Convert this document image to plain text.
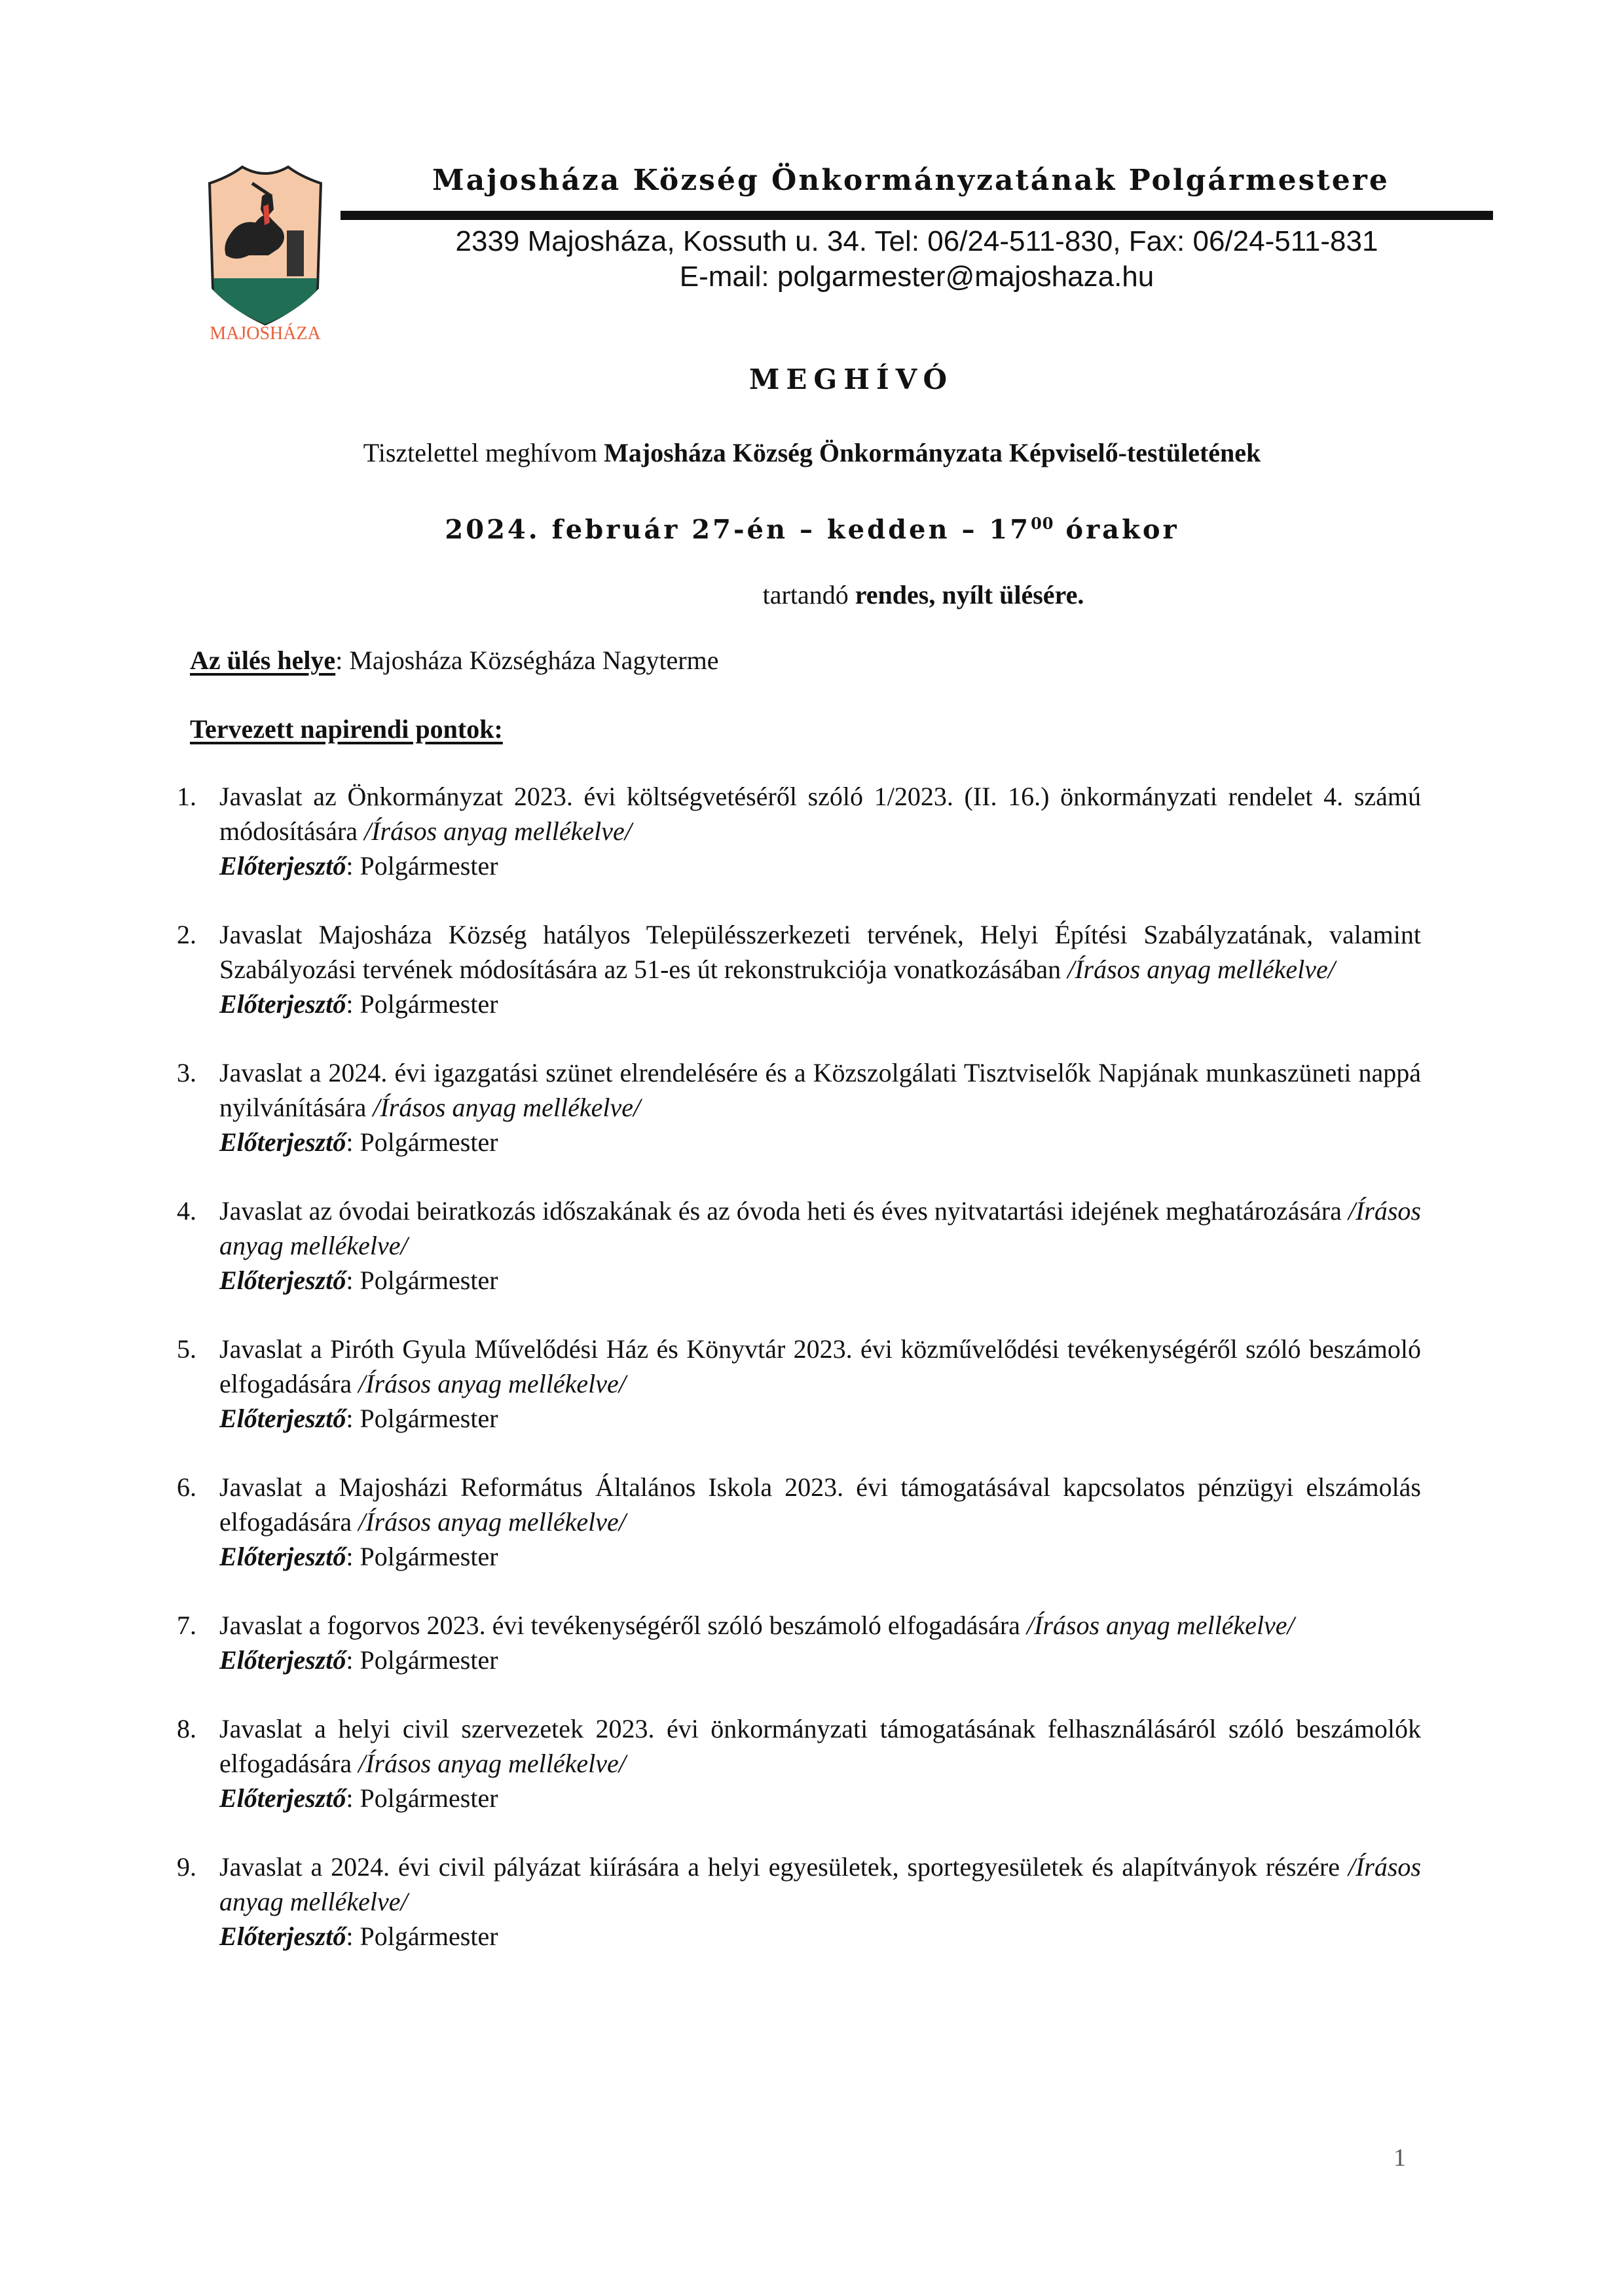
MAJOSHÁZA
Majosháza Község Önkormányzatának Polgármestere
2339 Majosháza, Kossuth u. 34. Tel: 06/24-511-830, Fax: 06/24-511-831
E-mail: polgarmester@majoshaza.hu
MEGHÍVÓ
Tisztelettel meghívom Majosháza Község Önkormányzata Képviselő-testületének
2024. február 27-én – kedden – $17^{00}$ órakor
tartandó rendes, nyílt ülésére.
Az ülés helye: Majosháza Községháza Nagyterme
Tervezett napirendi pontok:
1. Javaslat az Önkormányzat 2023. évi költségvetéséről szóló 1/2023. (II. 16.) önkormányzati rendelet 4. számú módosítására /Írásos anyag mellékelve/
Előterjesztő: Polgármester
2. Javaslat Majosháza Község hatályos Településszerkezeti tervének, Helyi Építési Szabályzatának, valamint Szabályozási tervének módosítására az 51-es út rekonstrukciója vonatkozásában /Írásos anyag mellékelve/
Előterjesztő: Polgármester
3. Javaslat a 2024. évi igazgatási szünet elrendelésére és a Közszolgálati Tisztviselők Napjának munkaszüneti nappá nyilvánítására /Írásos anyag mellékelve/
Előterjesztő: Polgármester
4. Javaslat az óvodai beiratkozás időszakának és az óvoda heti és éves nyitvatartási idejének meghatározására /Írásos anyag mellékelve/
Előterjesztő: Polgármester
5. Javaslat a Piróth Gyula Művelődési Ház és Könyvtár 2023. évi közművelődési tevékenységéről szóló beszámoló elfogadására /Írásos anyag mellékelve/
Előterjesztő: Polgármester
6. Javaslat a Majosházi Református Általános Iskola 2023. évi támogatásával kapcsolatos pénzügyi elszámolás elfogadására /Írásos anyag mellékelve/
Előterjesztő: Polgármester
7. Javaslat a fogorvos 2023. évi tevékenységéről szóló beszámoló elfogadására /Írásos anyag mellékelve/
Előterjesztő: Polgármester
8. Javaslat a helyi civil szervezetek 2023. évi önkormányzati támogatásának felhasználásáról szóló beszámolók elfogadására /Írásos anyag mellékelve/
Előterjesztő: Polgármester
9. Javaslat a 2024. évi civil pályázat kiírására a helyi egyesületek, sportegyesületek és alapítványok részére /Írásos anyag mellékelve/
Előterjesztő: Polgármester
1
